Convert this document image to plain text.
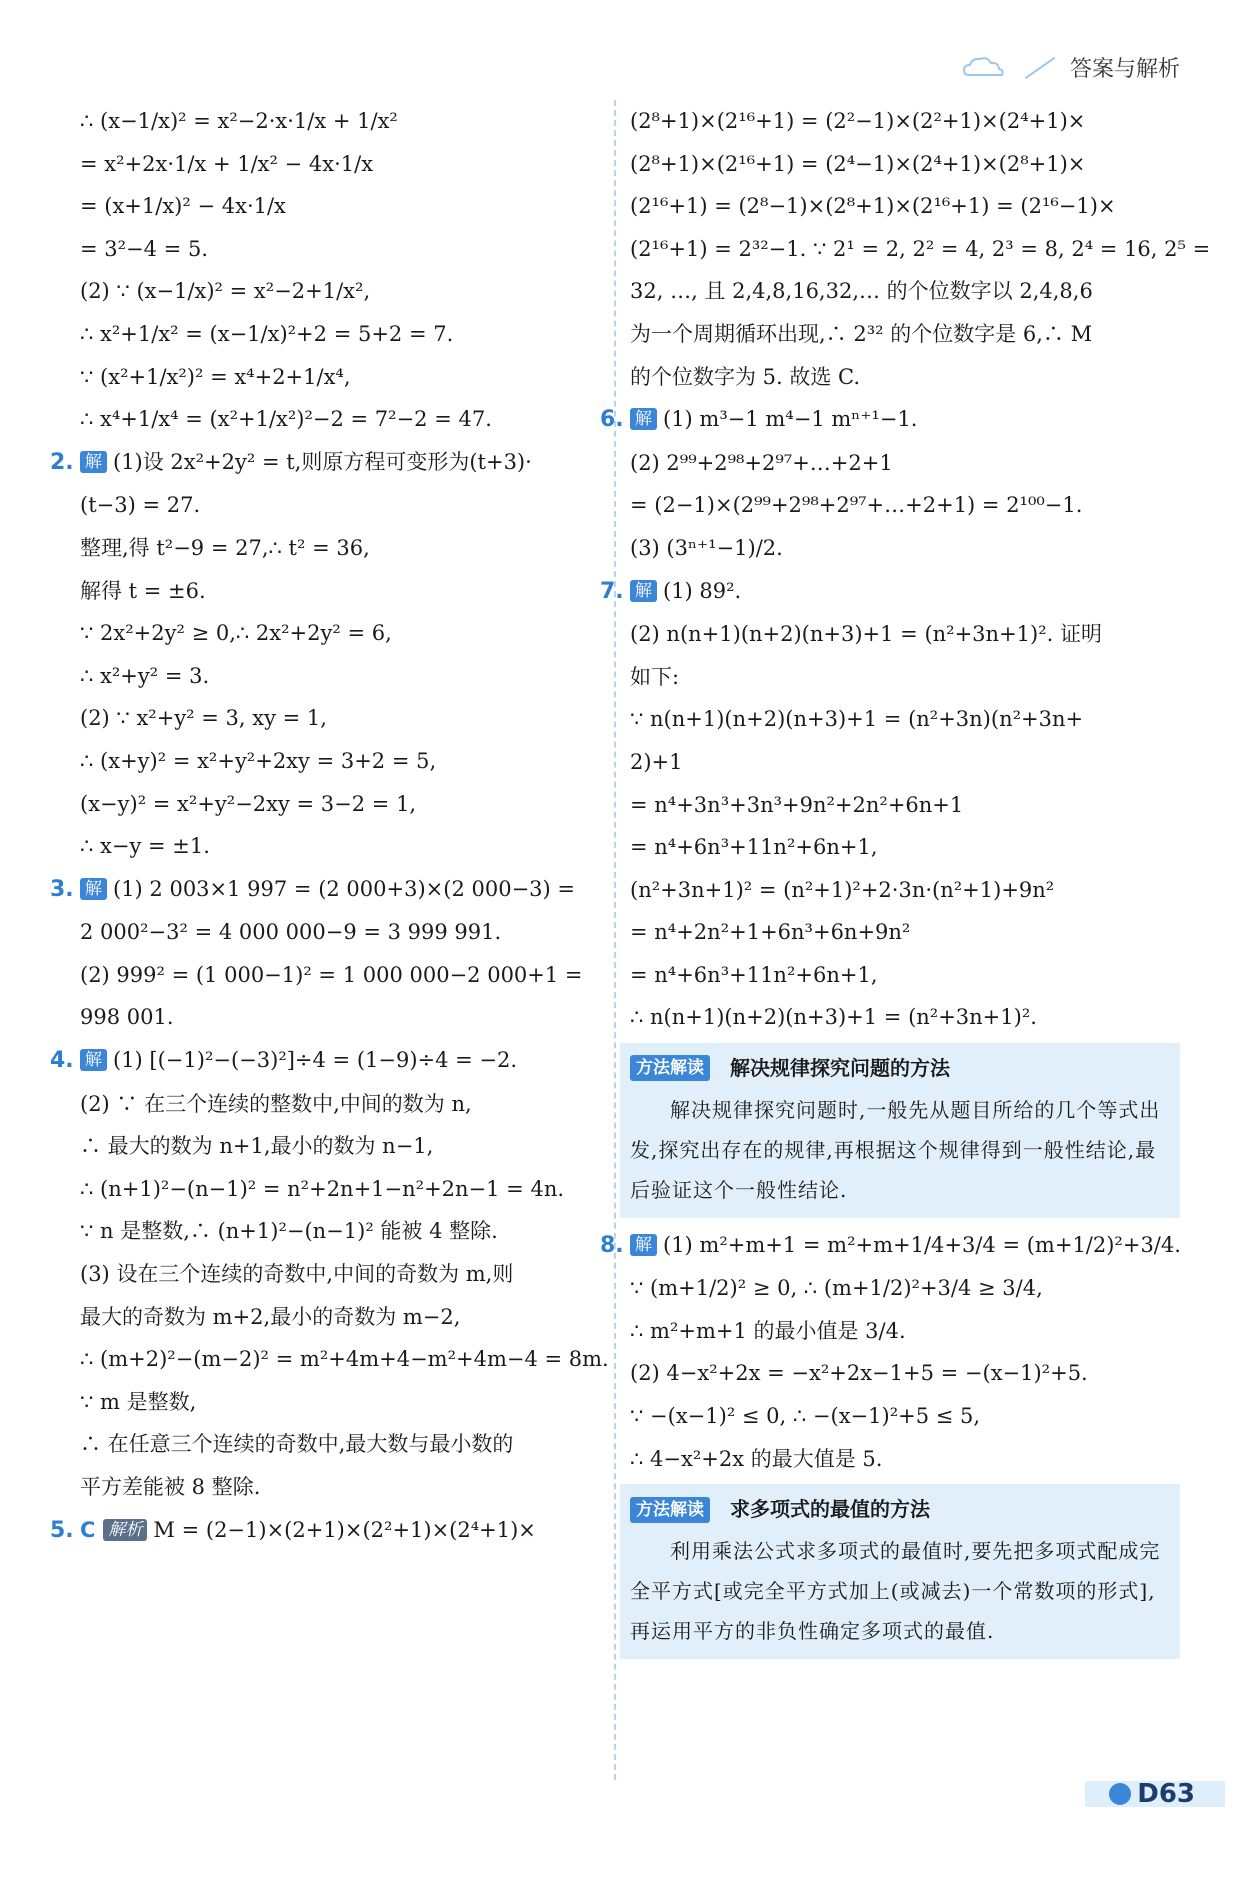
答案与解析
∴ (x−1/x)² = x²−2·x·1/x + 1/x²
= x²+2x·1/x + 1/x² − 4x·1/x
= (x+1/x)² − 4x·1/x
= 3²−4 = 5.
(2) ∵ (x−1/x)² = x²−2+1/x²,
∴ x²+1/x² = (x−1/x)²+2 = 5+2 = 7.
∵ (x²+1/x²)² = x⁴+2+1/x⁴,
∴ x⁴+1/x⁴ = (x²+1/x²)²−2 = 7²−2 = 47.
2. 解 (1)设 2x²+2y² = t,则原方程可变形为(t+3)·
(t−3) = 27.
整理,得 t²−9 = 27,∴ t² = 36,
解得 t = ±6.
∵ 2x²+2y² ≥ 0,∴ 2x²+2y² = 6,
∴ x²+y² = 3.
(2) ∵ x²+y² = 3, xy = 1,
∴ (x+y)² = x²+y²+2xy = 3+2 = 5,
(x−y)² = x²+y²−2xy = 3−2 = 1,
∴ x−y = ±1.
3. 解 (1) 2 003×1 997 = (2 000+3)×(2 000−3) =
2 000²−3² = 4 000 000−9 = 3 999 991.
(2) 999² = (1 000−1)² = 1 000 000−2 000+1 =
998 001.
4. 解 (1) [(−1)²−(−3)²]÷4 = (1−9)÷4 = −2.
(2) ∵ 在三个连续的整数中,中间的数为 n,
∴ 最大的数为 n+1,最小的数为 n−1,
∴ (n+1)²−(n−1)² = n²+2n+1−n²+2n−1 = 4n.
∵ n 是整数,∴ (n+1)²−(n−1)² 能被 4 整除.
(3) 设在三个连续的奇数中,中间的奇数为 m,则
最大的奇数为 m+2,最小的奇数为 m−2,
∴ (m+2)²−(m−2)² = m²+4m+4−m²+4m−4 = 8m.
∵ m 是整数,
∴ 在任意三个连续的奇数中,最大数与最小数的
平方差能被 8 整除.
5. C 解析 M = (2−1)×(2+1)×(2²+1)×(2⁴+1)×
(2⁸+1)×(2¹⁶+1) = (2²−1)×(2²+1)×(2⁴+1)×
(2⁸+1)×(2¹⁶+1) = (2⁴−1)×(2⁴+1)×(2⁸+1)×
(2¹⁶+1) = (2⁸−1)×(2⁸+1)×(2¹⁶+1) = (2¹⁶−1)×
(2¹⁶+1) = 2³²−1. ∵ 2¹ = 2, 2² = 4, 2³ = 8, 2⁴ = 16, 2⁵ =
32, …, 且 2,4,8,16,32,… 的个位数字以 2,4,8,6
为一个周期循环出现,∴ 2³² 的个位数字是 6,∴ M
的个位数字为 5. 故选 C.
6. 解 (1) m³−1 m⁴−1 mⁿ⁺¹−1.
(2) 2⁹⁹+2⁹⁸+2⁹⁷+…+2+1
= (2−1)×(2⁹⁹+2⁹⁸+2⁹⁷+…+2+1) = 2¹⁰⁰−1.
(3) (3ⁿ⁺¹−1)/2.
7. 解 (1) 89².
(2) n(n+1)(n+2)(n+3)+1 = (n²+3n+1)². 证明
如下:
∵ n(n+1)(n+2)(n+3)+1 = (n²+3n)(n²+3n+
2)+1
= n⁴+3n³+3n³+9n²+2n²+6n+1
= n⁴+6n³+11n²+6n+1,
(n²+3n+1)² = (n²+1)²+2·3n·(n²+1)+9n²
= n⁴+2n²+1+6n³+6n+9n²
= n⁴+6n³+11n²+6n+1,
∴ n(n+1)(n+2)(n+3)+1 = (n²+3n+1)².
方法解读	解决规律探究问题的方法
解决规律探究问题时,一般先从题目所给的几个等式出发,探究出存在的规律,再根据这个规律得到一般性结论,最后验证这个一般性结论.
8. 解 (1) m²+m+1 = m²+m+1/4+3/4 = (m+1/2)²+3/4.
∵ (m+1/2)² ≥ 0, ∴ (m+1/2)²+3/4 ≥ 3/4,
∴ m²+m+1 的最小值是 3/4.
(2) 4−x²+2x = −x²+2x−1+5 = −(x−1)²+5.
∵ −(x−1)² ≤ 0, ∴ −(x−1)²+5 ≤ 5,
∴ 4−x²+2x 的最大值是 5.
方法解读	求多项式的最值的方法
利用乘法公式求多项式的最值时,要先把多项式配成完全平方式[或完全平方式加上(或减去)一个常数项的形式],再运用平方的非负性确定多项式的最值.
D63
